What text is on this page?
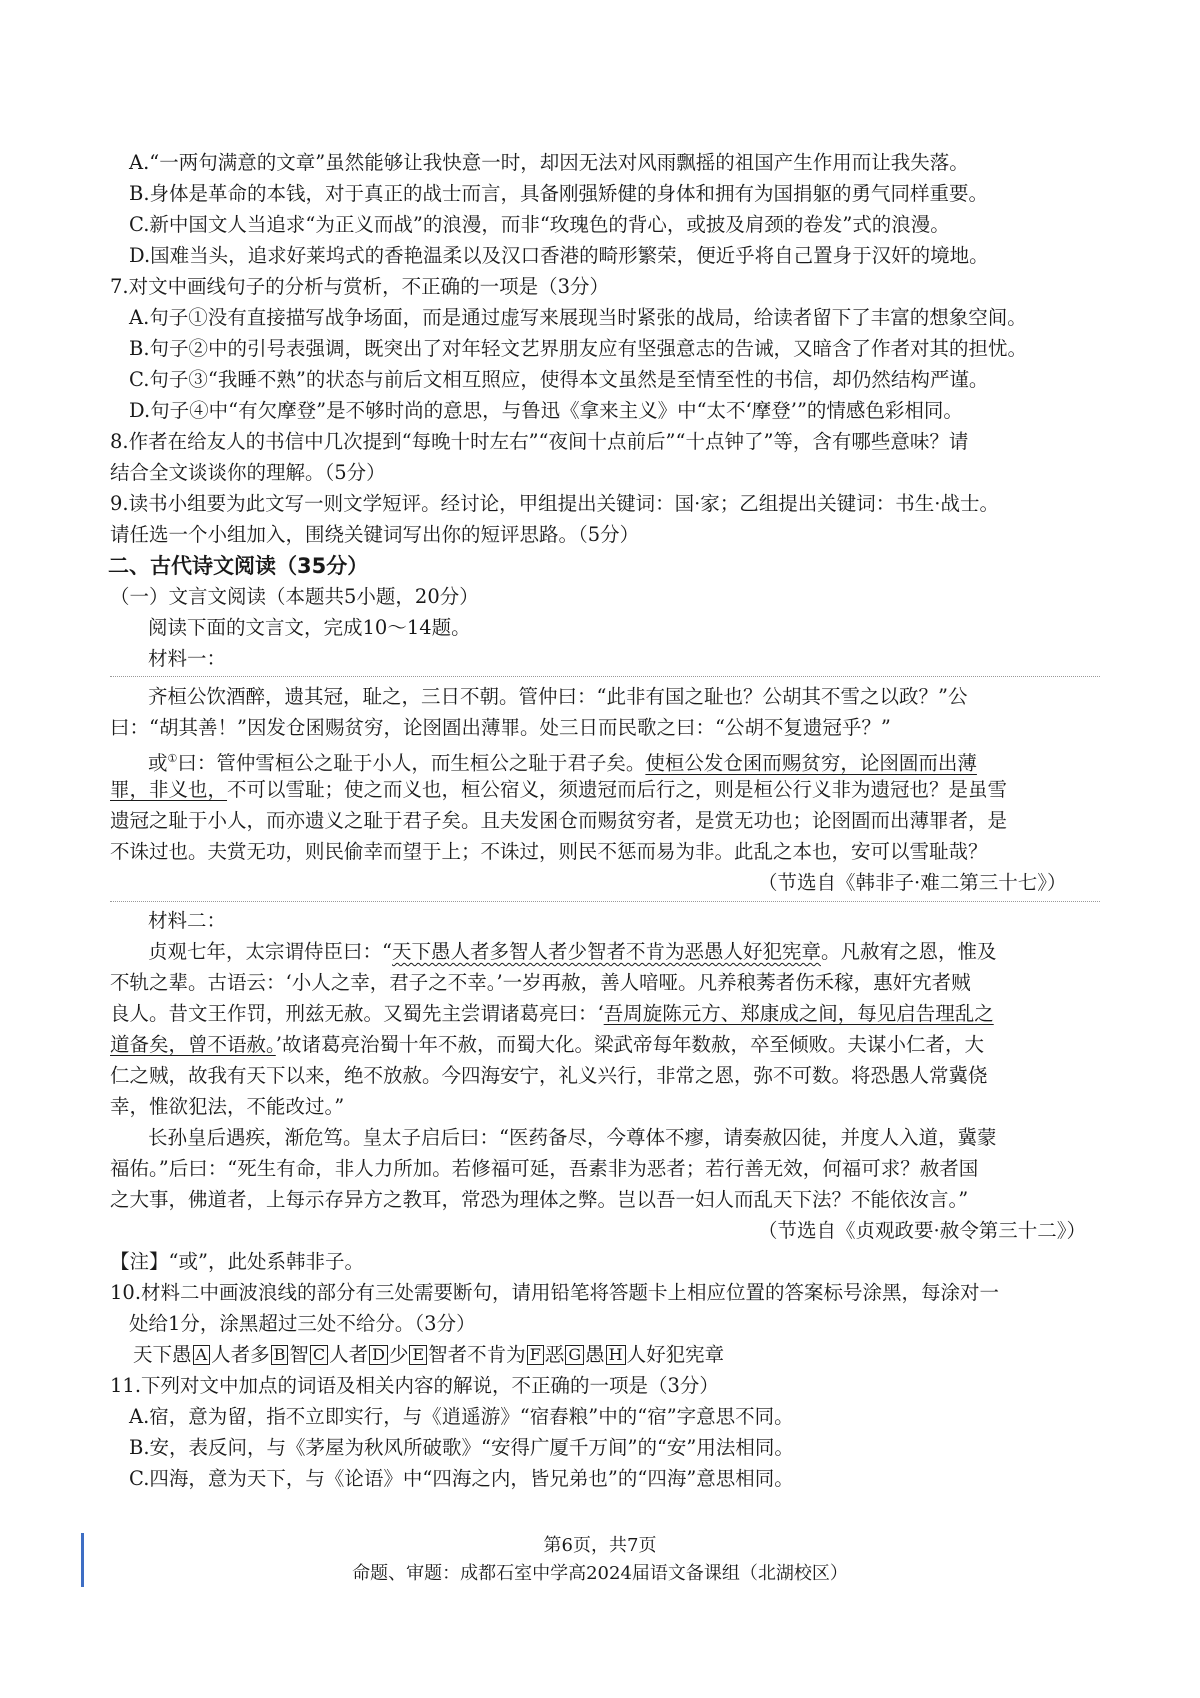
A.“一两句满意的文章”虽然能够让我快意一时，却因无法对风雨飘摇的祖国产生作用而让我失落。
B.身体是革命的本钱，对于真正的战士而言，具备刚强矫健的身体和拥有为国捐躯的勇气同样重要。
C.新中国文人当追求“为正义而战”的浪漫，而非“玫瑰色的背心，或披及肩颈的卷发”式的浪漫。
D.国难当头，追求好莱坞式的香艳温柔以及汉口香港的畸形繁荣，便近乎将自己置身于汉奸的境地。
7.对文中画线句子的分析与赏析，不正确的一项是（3分）
A.句子①没有直接描写战争场面，而是通过虚写来展现当时紧张的战局，给读者留下了丰富的想象空间。
B.句子②中的引号表强调，既突出了对年轻文艺界朋友应有坚强意志的告诫，又暗含了作者对其的担忧。
C.句子③“我睡不熟”的状态与前后文相互照应，使得本文虽然是至情至性的书信，却仍然结构严谨。
D.句子④中“有欠摩登”是不够时尚的意思，与鲁迅《拿来主义》中“太不‘摩登’”的情感色彩相同。
8.作者在给友人的书信中几次提到“每晚十时左右”“夜间十点前后”“十点钟了”等，含有哪些意味？请
结合全文谈谈你的理解。（5分）
9.读书小组要为此文写一则文学短评。经讨论，甲组提出关键词：国·家；乙组提出关键词：书生·战士。
请任选一个小组加入，围绕关键词写出你的短评思路。（5分）
二、古代诗文阅读（35分）
（一）文言文阅读（本题共5小题，20分）
阅读下面的文言文，完成10～14题。
材料一：
齐桓公饮酒醉，遗其冠，耻之，三日不朝。管仲曰：“此非有国之耻也？公胡其不雪之以政？”公
曰：“胡其善！”因发仓囷赐贫穷，论囹圄出薄罪。处三日而民歌之曰：“公胡不复遗冠乎？”
或①曰：管仲雪桓公之耻于小人，而生桓公之耻于君子矣。使桓公发仓囷而赐贫穷，论囹圄而出薄
罪，非义也，不可以雪耻；使之而义也，桓公宿义，须遗冠而后行之，则是桓公行义非为遗冠也？是虽雪
遗冠之耻于小人，而亦遗义之耻于君子矣。且夫发囷仓而赐贫穷者，是赏无功也；论囹圄而出薄罪者，是
不诛过也。夫赏无功，则民偷幸而望于上；不诛过，则民不惩而易为非。此乱之本也，安可以雪耻哉？
（节选自《韩非子·难二第三十七》）
材料二：
贞观七年，太宗谓侍臣曰：“天下愚人者多智人者少智者不肯为恶愚人好犯宪章。凡赦宥之恩，惟及
不轨之辈。古语云：‘小人之幸，君子之不幸。’一岁再赦，善人喑哑。凡养稂莠者伤禾稼，惠奸宄者贼
良人。昔文王作罚，刑兹无赦。又蜀先主尝谓诸葛亮曰：‘吾周旋陈元方、郑康成之间，每见启告理乱之
道备矣，曾不语赦。’故诸葛亮治蜀十年不赦，而蜀大化。梁武帝每年数赦，卒至倾败。夫谋小仁者，大
仁之贼，故我有天下以来，绝不放赦。今四海安宁，礼义兴行，非常之恩，弥不可数。将恐愚人常冀侥
幸，惟欲犯法，不能改过。”
长孙皇后遇疾，渐危笃。皇太子启后曰：“医药备尽，今尊体不瘳，请奏赦囚徒，并度人入道，冀蒙
福佑。”后曰：“死生有命，非人力所加。若修福可延，吾素非为恶者；若行善无效，何福可求？赦者国
之大事，佛道者，上每示存异方之教耳，常恐为理体之弊。岂以吾一妇人而乱天下法？不能依汝言。”
（节选自《贞观政要·赦令第三十二》）
【注】“或”，此处系韩非子。
10.材料二中画波浪线的部分有三处需要断句，请用铅笔将答题卡上相应位置的答案标号涂黑，每涂对一
处给1分，涂黑超过三处不给分。（3分）
天下愚 A 人者多 B 智 C 人者 D 少 E 智者不肯为 F 恶 G 愚 H 人好犯宪章
11.下列对文中加点的词语及相关内容的解说，不正确的一项是（3分）
A.宿，意为留，指不立即实行，与《逍遥游》“宿舂粮”中的“宿”字意思不同。
B.安，表反问，与《茅屋为秋风所破歌》“安得广厦千万间”的“安”用法相同。
C.四海，意为天下，与《论语》中“四海之内，皆兄弟也”的“四海”意思相同。
第6页，共7页
命题、审题：成都石室中学高2024届语文备课组（北湖校区）
